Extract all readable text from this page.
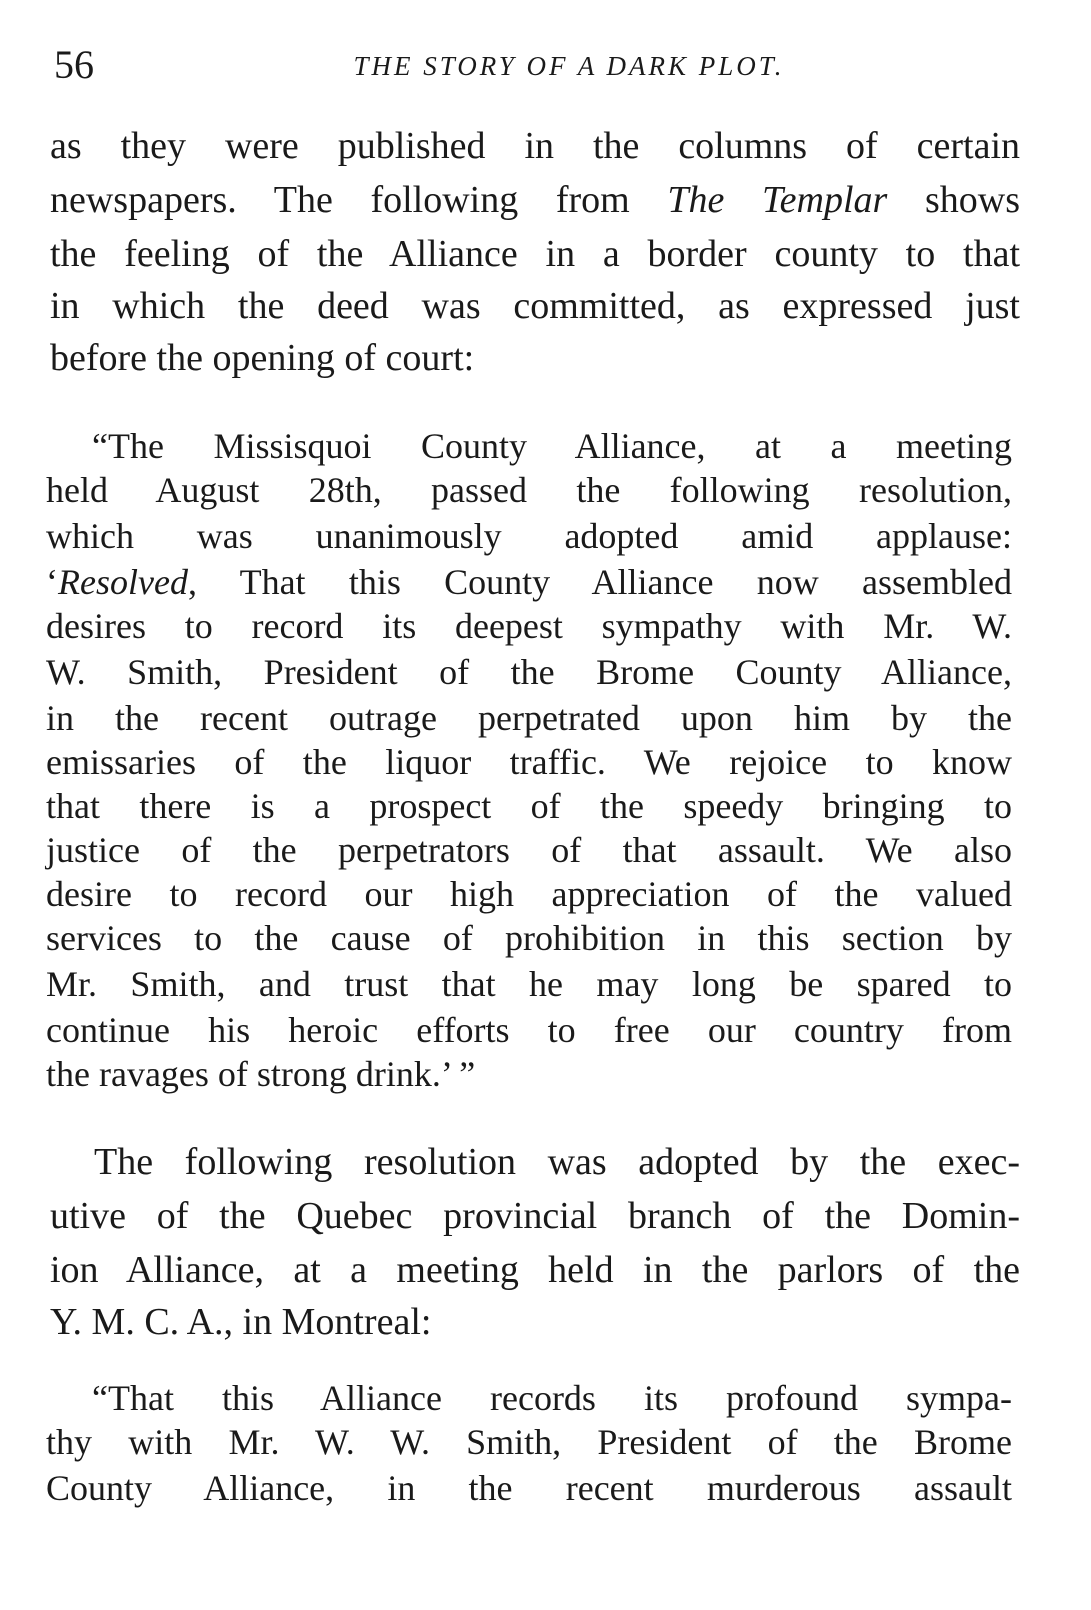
56	THE STORY OF A DARK PLOT.
as they were published in the columns of certain
newspapers. The following from The Templar shows
the feeling of the Alliance in a border county to that
in which the deed was committed, as expressed just
before the opening of court:
“The Missisquoi County Alliance, at a meeting
held August 28th, passed the following resolution,
which was unanimously adopted amid applause:
‘Resolved, That this County Alliance now assembled
desires to record its deepest sympathy with Mr. W.
W. Smith, President of the Brome County Alliance,
in the recent outrage perpetrated upon him by the
emissaries of the liquor traffic. We rejoice to know
that there is a prospect of the speedy bringing to
justice of the perpetrators of that assault. We also
desire to record our high appreciation of the valued
services to the cause of prohibition in this section by
Mr. Smith, and trust that he may long be spared to
continue his heroic efforts to free our country from
the ravages of strong drink.’ ”
The following resolution was adopted by the exec-
utive of the Quebec provincial branch of the Domin-
ion Alliance, at a meeting held in the parlors of the
Y. M. C. A., in Montreal:
“That this Alliance records its profound sympa-
thy with Mr. W. W. Smith, President of the Brome
County Alliance, in the recent murderous assault
